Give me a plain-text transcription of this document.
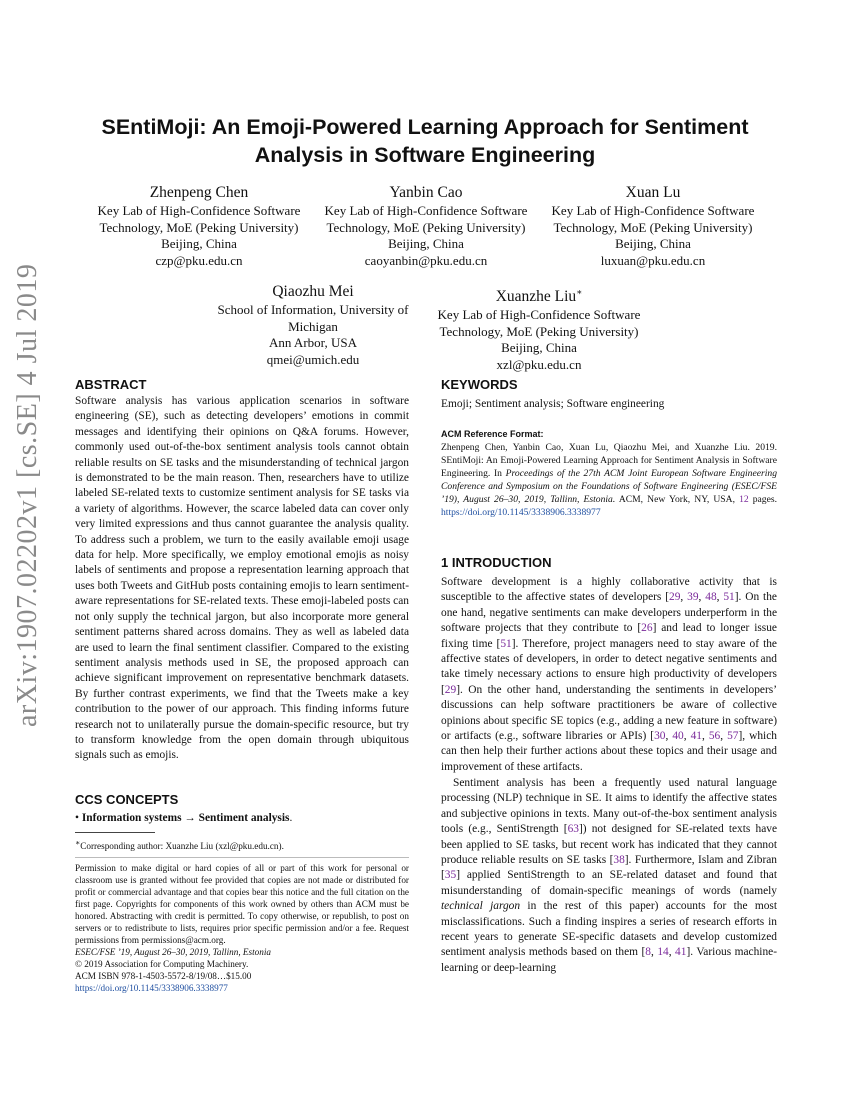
arXiv:1907.02202v1 [cs.SE] 4 Jul 2019
SEntiMoji: An Emoji-Powered Learning Approach for Sentiment
Analysis in Software Engineering
Zhenpeng Chen
Key Lab of High-Confidence Software
Technology, MoE (Peking University)
Beijing, China
czp@pku.edu.cn
Yanbin Cao
Key Lab of High-Confidence Software
Technology, MoE (Peking University)
Beijing, China
caoyanbin@pku.edu.cn
Xuan Lu
Key Lab of High-Confidence Software
Technology, MoE (Peking University)
Beijing, China
luxuan@pku.edu.cn
Qiaozhu Mei
School of Information, University of
Michigan
Ann Arbor, USA
qmei@umich.edu
Xuanzhe Liu∗
Key Lab of High-Confidence Software
Technology, MoE (Peking University)
Beijing, China
xzl@pku.edu.cn
ABSTRACT
Software analysis has various application scenarios in software engineering (SE), such as detecting developers’ emotions in commit messages and identifying their opinions on Q&A forums. However, commonly used out-of-the-box sentiment analysis tools cannot obtain reliable results on SE tasks and the misunderstanding of technical jargon is demonstrated to be the main reason. Then, researchers have to utilize labeled SE-related texts to customize sentiment analysis for SE tasks via a variety of algorithms. However, the scarce labeled data can cover only very limited expressions and thus cannot guarantee the analysis quality. To address such a problem, we turn to the easily available emoji usage data for help. More specifically, we employ emotional emojis as noisy labels of sentiments and propose a representation learning approach that uses both Tweets and GitHub posts containing emojis to learn sentiment-aware representations for SE-related texts. These emoji-labeled posts can not only supply the technical jargon, but also incorporate more general sentiment patterns shared across domains. They as well as labeled data are used to learn the final sentiment classifier. Compared to the existing sentiment analysis methods used in SE, the proposed approach can achieve significant improvement on representative benchmark datasets. By further contrast experiments, we find that the Tweets make a key contribution to the power of our approach. This finding informs future research not to unilaterally pursue the domain-specific resource, but try to transform knowledge from the open domain through ubiquitous signals such as emojis.
CCS CONCEPTS
• Information systems → Sentiment analysis.
∗Corresponding author: Xuanzhe Liu (xzl@pku.edu.cn).
Permission to make digital or hard copies of all or part of this work for personal or classroom use is granted without fee provided that copies are not made or distributed for profit or commercial advantage and that copies bear this notice and the full citation on the first page. Copyrights for components of this work owned by others than ACM must be honored. Abstracting with credit is permitted. To copy otherwise, or republish, to post on servers or to redistribute to lists, requires prior specific permission and/or a fee. Request permissions from permissions@acm.org.
ESEC/FSE ’19, August 26–30, 2019, Tallinn, Estonia
© 2019 Association for Computing Machinery.
ACM ISBN 978-1-4503-5572-8/19/08…$15.00
https://doi.org/10.1145/3338906.3338977
KEYWORDS
Emoji; Sentiment analysis; Software engineering
ACM Reference Format:
Zhenpeng Chen, Yanbin Cao, Xuan Lu, Qiaozhu Mei, and Xuanzhe Liu. 2019. SEntiMoji: An Emoji-Powered Learning Approach for Sentiment Analysis in Software Engineering. In Proceedings of the 27th ACM Joint European Software Engineering Conference and Symposium on the Foundations of Software Engineering (ESEC/FSE ’19), August 26–30, 2019, Tallinn, Estonia. ACM, New York, NY, USA, 12 pages. https://doi.org/10.1145/3338906.3338977
1 INTRODUCTION
Software development is a highly collaborative activity that is susceptible to the affective states of developers [29, 39, 48, 51]. On the one hand, negative sentiments can make developers underperform in the software projects that they contribute to [26] and lead to longer issue fixing time [51]. Therefore, project managers need to stay aware of the affective states of developers, in order to detect negative sentiments and take timely necessary actions to ensure high productivity of developers [29]. On the other hand, understanding the sentiments in developers’ discussions can help software practitioners be aware of collective opinions about specific SE topics (e.g., adding a new feature in software) or artifacts (e.g., software libraries or APIs) [30, 40, 41, 56, 57], which can then help their further actions about these topics and their usage and improvement of these artifacts.
Sentiment analysis has been a frequently used natural language processing (NLP) technique in SE. It aims to identify the affective states and subjective opinions in texts. Many out-of-the-box sentiment analysis tools (e.g., SentiStrength [63]) not designed for SE-related texts have been applied to SE tasks, but recent work has indicated that they cannot produce reliable results on SE tasks [38]. Furthermore, Islam and Zibran [35] applied SentiStrength to an SE-related dataset and found that misunderstanding of domain-specific meanings of words (namely technical jargon in the rest of this paper) accounts for the most misclassifications. Such a finding inspires a series of research efforts in recent years to generate SE-specific datasets and develop customized sentiment analysis methods based on them [8, 14, 41]. Various machine-learning or deep-learning
